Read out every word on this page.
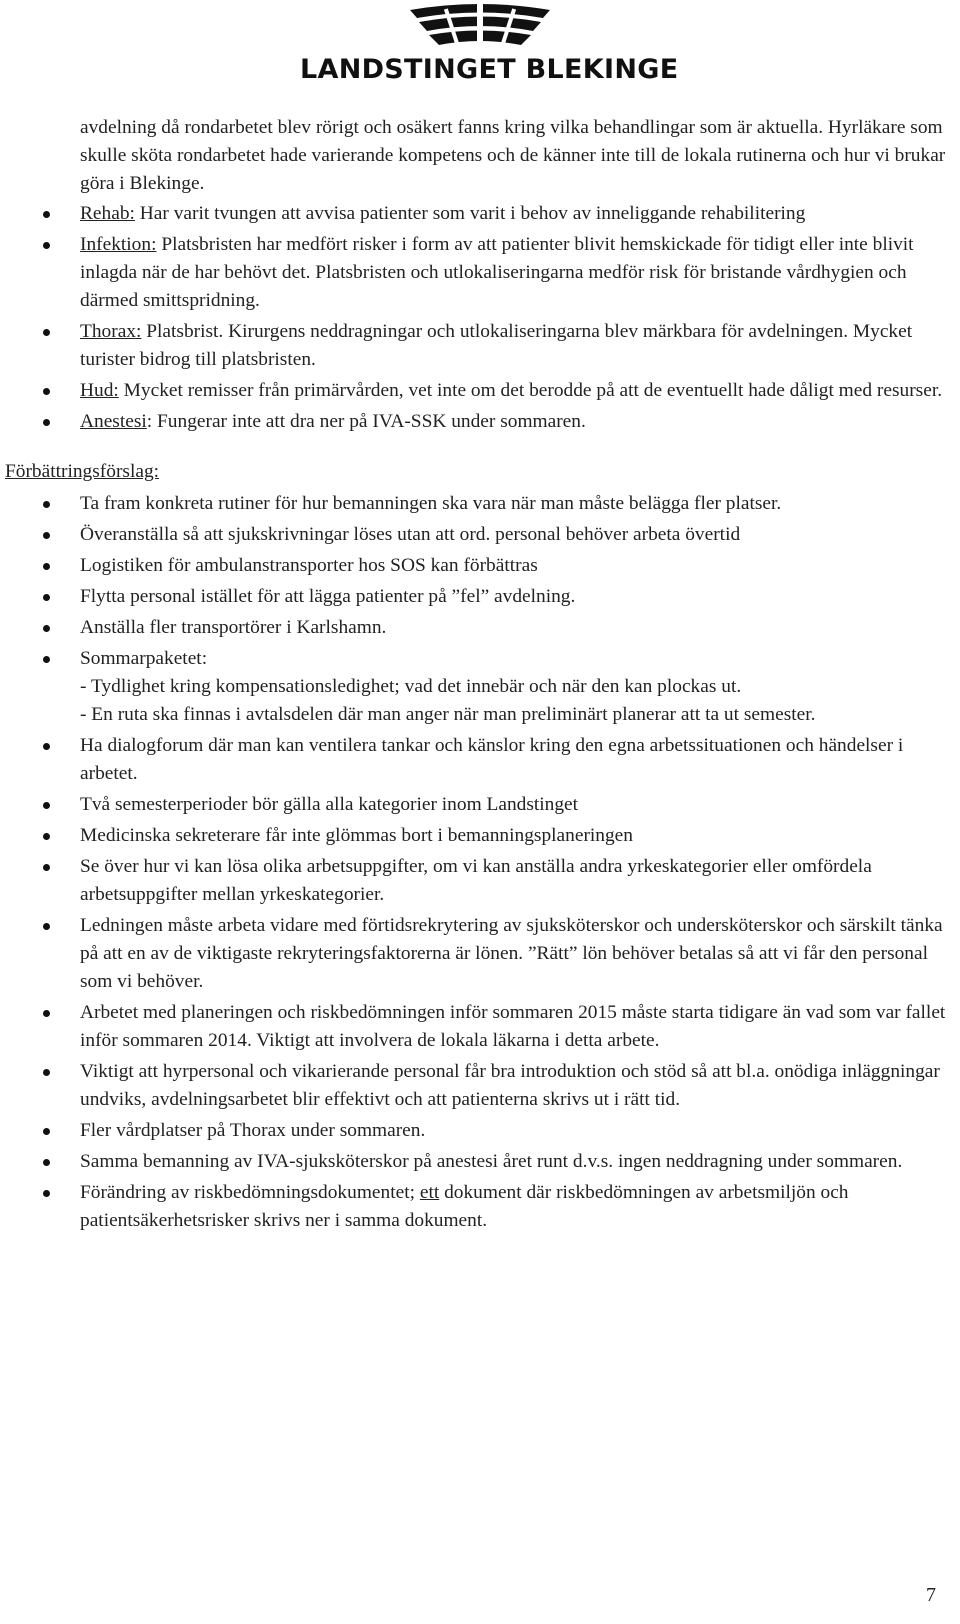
LANDSTINGET BLEKINGE

avdelning då rondarbetet blev rörigt och osäkert fanns kring vilka behandlingar som är aktuella. Hyrläkare som skulle sköta rondarbetet hade varierande kompetens och de känner inte till de lokala rutinerna och hur vi brukar göra i Blekinge.

Rehab: Har varit tvungen att avvisa patienter som varit i behov av inneliggande rehabilitering
Infektion: Platsbristen har medfört risker i form av att patienter blivit hemskickade för tidigt eller inte blivit inlagda när de har behövt det. Platsbristen och utlokaliseringarna medför risk för bristande vårdhygien och därmed smittspridning.
Thorax: Platsbrist. Kirurgens neddragningar och utlokaliseringarna blev märkbara för avdelningen. Mycket turister bidrog till platsbristen.
Hud: Mycket remisser från primärvården, vet inte om det berodde på att de eventuellt hade dåligt med resurser.
Anestesi: Fungerar inte att dra ner på IVA-SSK under sommaren.
Förbättringsförslag:
Ta fram konkreta rutiner för hur bemanningen ska vara när man måste belägga fler platser.
Överanställa så att sjukskrivningar löses utan att ord. personal behöver arbeta övertid
Logistiken för ambulanstransporter hos SOS kan förbättras
Flytta personal istället för att lägga patienter på ”fel” avdelning.
Anställa fler transportörer i Karlshamn.
Sommarpaketet:
- Tydlighet kring kompensationsledighet; vad det innebär och när den kan plockas ut.
- En ruta ska finnas i avtalsdelen där man anger när man preliminärt planerar att ta ut semester.
Ha dialogforum där man kan ventilera tankar och känslor kring den egna arbetssituationen och händelser i arbetet.
Två semesterperioder bör gälla alla kategorier inom Landstinget
Medicinska sekreterare får inte glömmas bort i bemanningsplaneringen
Se över hur vi kan lösa olika arbetsuppgifter, om vi kan anställa andra yrkeskategorier eller omfördela arbetsuppgifter mellan yrkeskategorier.
Ledningen måste arbeta vidare med förtidsrekrytering av sjuksköterskor och undersköterskor och särskilt tänka på att en av de viktigaste rekryteringsfaktorerna är lönen. ”Rätt” lön behöver betalas så att vi får den personal som vi behöver.
Arbetet med planeringen och riskbedömningen inför sommaren 2015 måste starta tidigare än vad som var fallet inför sommaren 2014. Viktigt att involvera de lokala läkarna i detta arbete.
Viktigt att hyrpersonal och vikarierande personal får bra introduktion och stöd så att bl.a. onödiga inläggningar undviks, avdelningsarbetet blir effektivt och att patienterna skrivs ut i rätt tid.
Fler vårdplatser på Thorax under sommaren.
Samma bemanning av IVA-sjuksköterskor på anestesi året runt d.v.s. ingen neddragning under sommaren.
Förändring av riskbedömningsdokumentet; ett dokument där riskbedömningen av arbetsmiljön och patientsäkerhetsrisker skrivs ner i samma dokument.
7
